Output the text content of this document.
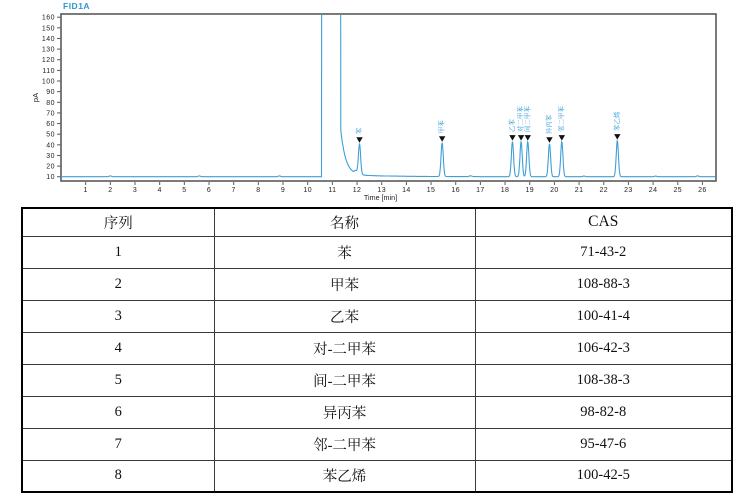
FID1A
1	2	3	4	5	6	7	8	9	10 11 12 13 14 15 16 17 18 19 20 21 22 23 24 25 26
Time [min]
10
20
30
40
50
60
70
80
90
100
110
120
130
140
150
160
pA
苯	甲苯	乙苯 对二甲苯 间二甲苯	异丙苯 邻二甲苯	苯乙烯
序列	名称	CAS
1	苯	71-43-2
2	甲苯	108-88-3
3	乙苯	100-41-4
4	对-二甲苯	106-42-3
5	间-二甲苯	108-38-3
6	异丙苯	98-82-8
7	邻-二甲苯	95-47-6
8	苯乙烯	100-42-5
